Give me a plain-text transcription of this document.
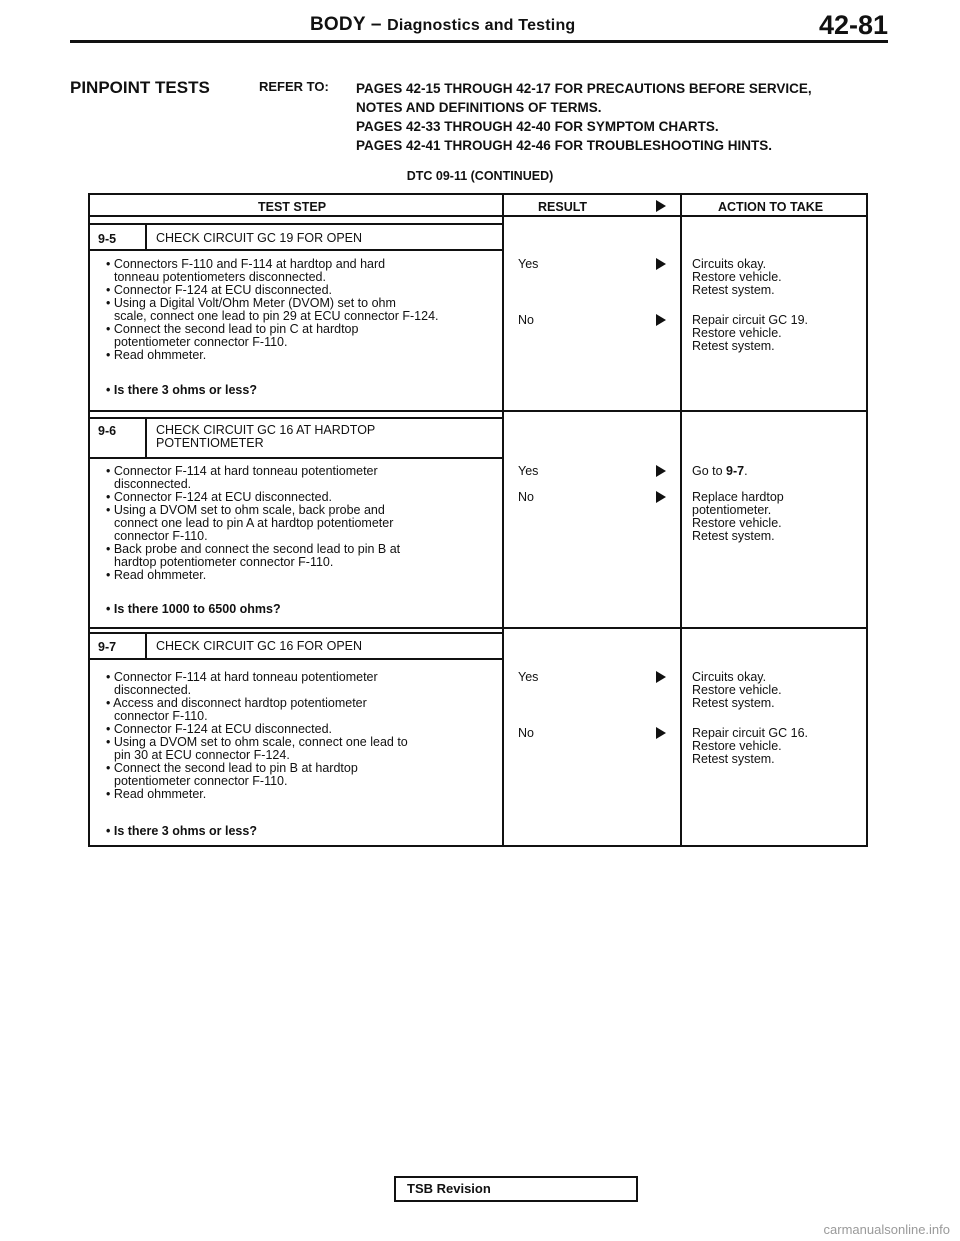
BODY – Diagnostics and Testing	42-81
PINPOINT TESTS	REFER TO: PAGES 42-15 THROUGH 42-17 FOR PRECAUTIONS BEFORE SERVICE,
NOTES AND DEFINITIONS OF TERMS.
PAGES 42-33 THROUGH 42-40 FOR SYMPTOM CHARTS.
PAGES 42-41 THROUGH 42-46 FOR TROUBLESHOOTING HINTS.
DTC 09-11 (CONTINUED)
TEST STEP	RESULT	ACTION TO TAKE
9-5	CHECK CIRCUIT GC 19 FOR OPEN
• Connectors F-110 and F-114 at hardtop and hard
tonneau potentiometers disconnected.
• Connector F-124 at ECU disconnected.
• Using a Digital Volt/Ohm Meter (DVOM) set to ohm
scale, connect one lead to pin 29 at ECU connector F-124.
• Connect the second lead to pin C at hardtop
potentiometer connector F-110.
• Read ohmmeter.
• Is there 3 ohms or less?
Yes	Circuits okay.
Restore vehicle.
Retest system.
No	Repair circuit GC 19.
Restore vehicle.
Retest system.
9-6	CHECK CIRCUIT GC 16 AT HARDTOP
POTENTIOMETER
• Connector F-114 at hard tonneau potentiometer
disconnected.
• Connector F-124 at ECU disconnected.
• Using a DVOM set to ohm scale, back probe and
connect one lead to pin A at hardtop potentiometer
connector F-110.
• Back probe and connect the second lead to pin B at
hardtop potentiometer connector F-110.
• Read ohmmeter.
• Is there 1000 to 6500 ohms?
Yes	Go to 9-7.
No	Replace hardtop
potentiometer.
Restore vehicle.
Retest system.
9-7	CHECK CIRCUIT GC 16 FOR OPEN
• Connector F-114 at hard tonneau potentiometer
disconnected.
• Access and disconnect hardtop potentiometer
connector F-110.
• Connector F-124 at ECU disconnected.
• Using a DVOM set to ohm scale, connect one lead to
pin 30 at ECU connector F-124.
• Connect the second lead to pin B at hardtop
potentiometer connector F-110.
• Read ohmmeter.
• Is there 3 ohms or less?
Yes	Circuits okay.
Restore vehicle.
Retest system.
No	Repair circuit GC 16.
Restore vehicle.
Retest system.
TSB Revision
carmanualsonline.info
